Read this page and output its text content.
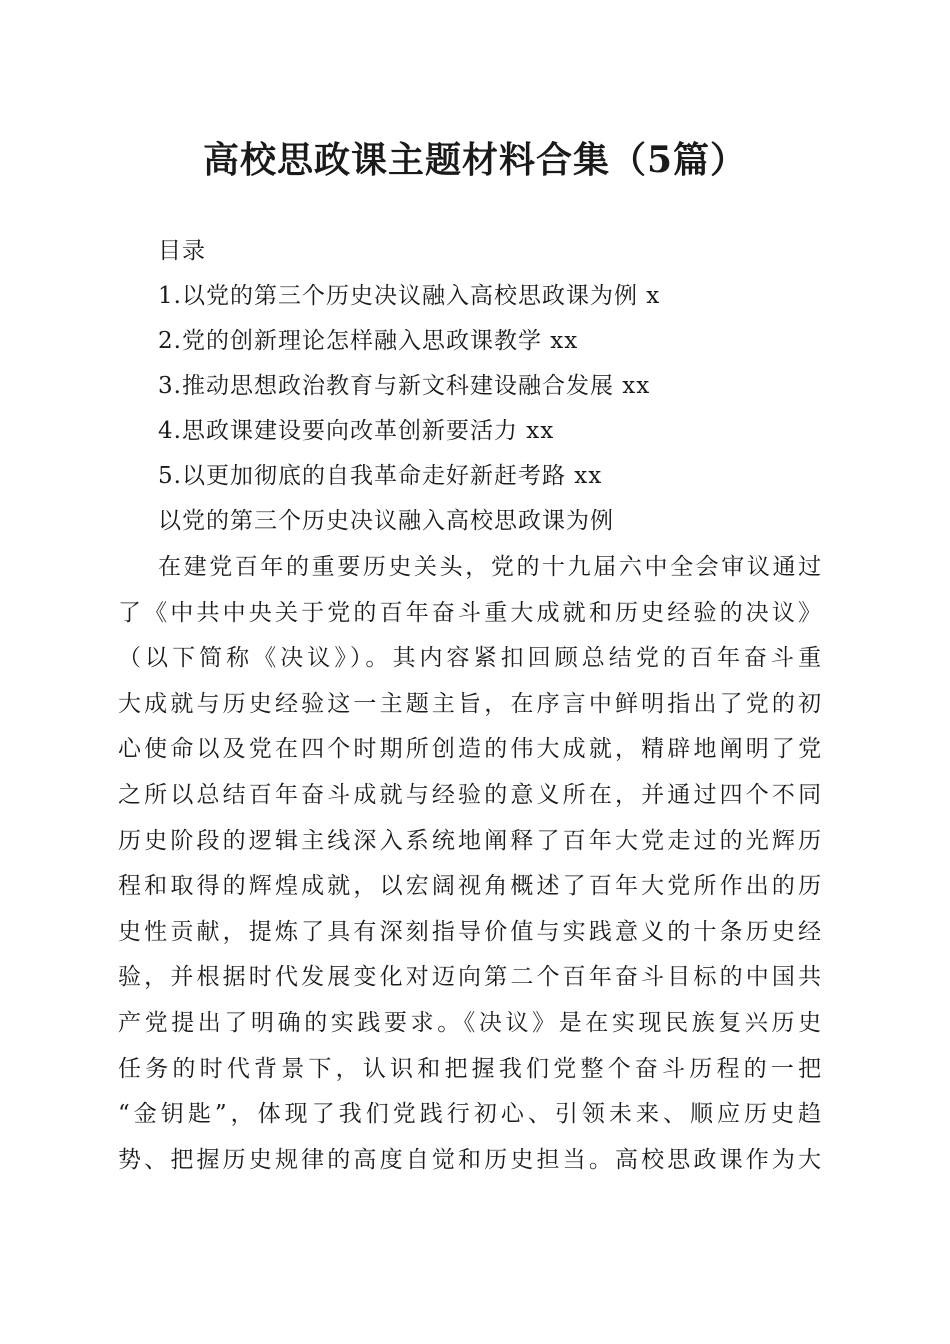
高校思政课主题材料合集（5篇）
目录
1.以党的第三个历史决议融入高校思政课为例 x
2.党的创新理论怎样融入思政课教学 xx
3.推动思想政治教育与新文科建设融合发展 xx
4.思政课建设要向改革创新要活力 xx
5.以更加彻底的自我革命走好新赶考路 xx
以党的第三个历史决议融入高校思政课为例
在建党百年的重要历史关头，党的十九届六中全会审议通过
了《中共中央关于党的百年奋斗重大成就和历史经验的决议》
（以下简称《决议》）。其内容紧扣回顾总结党的百年奋斗重
大成就与历史经验这一主题主旨，在序言中鲜明指出了党的初
心使命以及党在四个时期所创造的伟大成就，精辟地阐明了党
之所以总结百年奋斗成就与经验的意义所在，并通过四个不同
历史阶段的逻辑主线深入系统地阐释了百年大党走过的光辉历
程和取得的辉煌成就，以宏阔视角概述了百年大党所作出的历
史性贡献，提炼了具有深刻指导价值与实践意义的十条历史经
验，并根据时代发展变化对迈向第二个百年奋斗目标的中国共
产党提出了明确的实践要求。《决议》是在实现民族复兴历史
任务的时代背景下，认识和把握我们党整个奋斗历程的一把
“金钥匙”，体现了我们党践行初心、引领未来、顺应历史趋
势、把握历史规律的高度自觉和历史担当。高校思政课作为大
